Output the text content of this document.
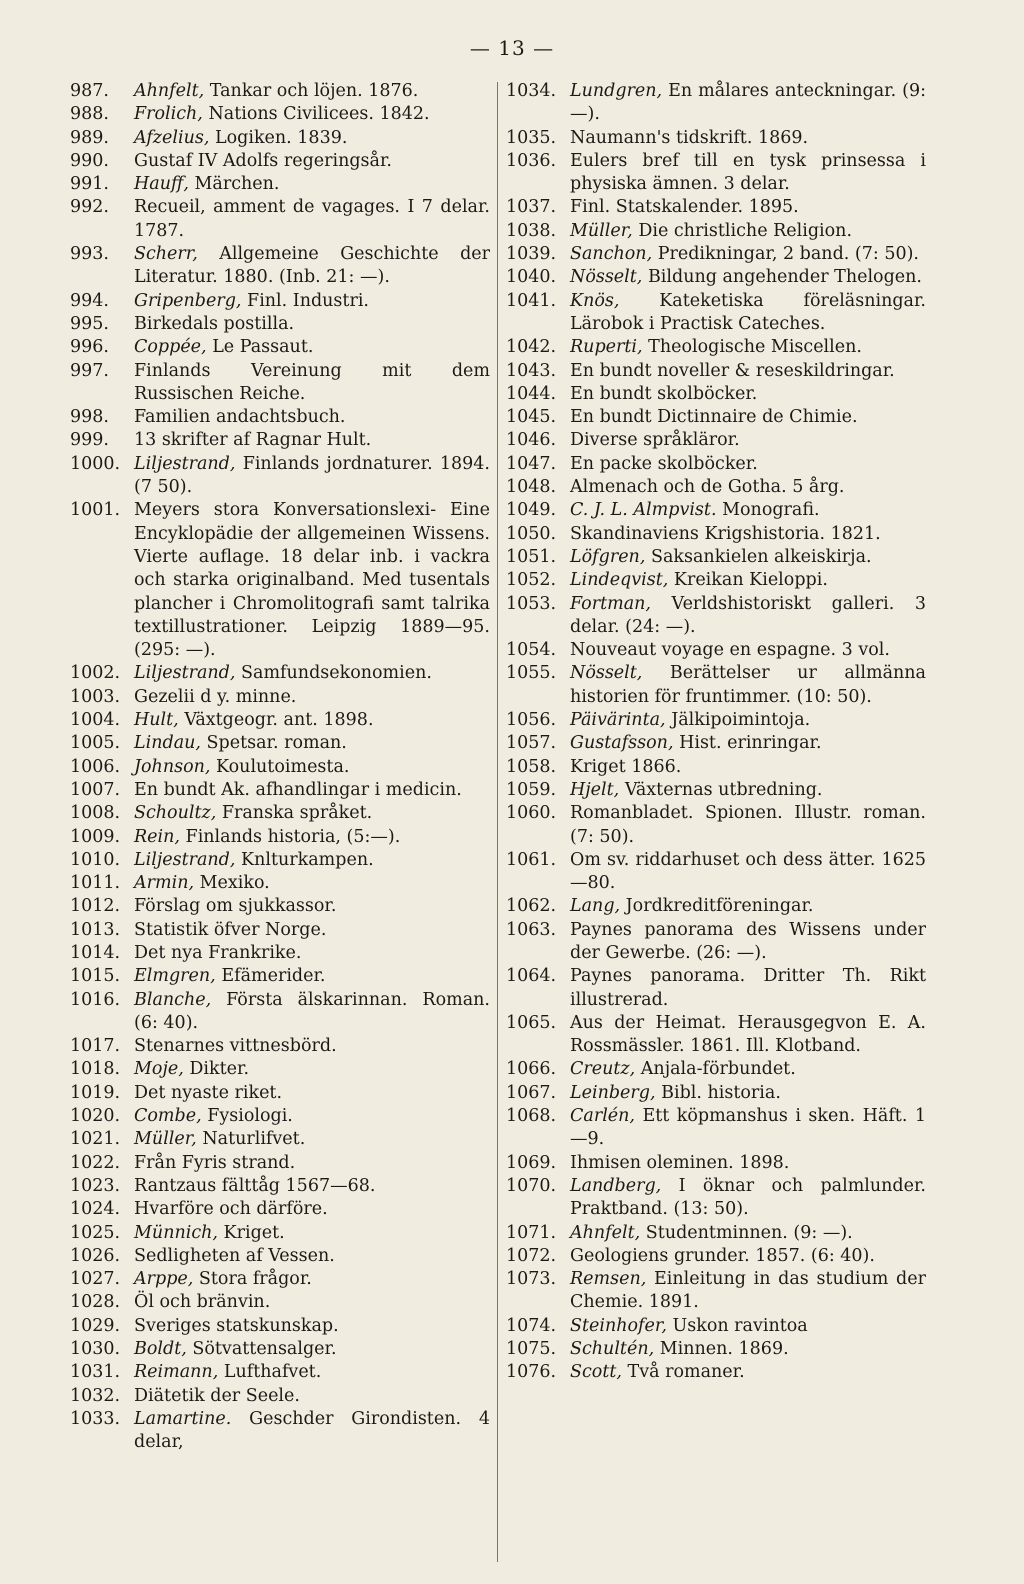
— 13 —
987.	Ahnfelt, Tankar och löjen. 1876.
988.	Frolich, Nations Civilicees. 1842.
989.	Afzelius, Logiken. 1839.
990.	Gustaf IV Adolfs regeringsår.
991.	Hauff, Märchen.
992.	Recueil, amment de vagages. I 7 delar. 1787.
993.	Scherr, Allgemeine Geschichte der Literatur. 1880. (Inb. 21: —).
994.	Gripenberg, Finl. Industri.
995.	Birkedals postilla.
996.	Coppée, Le Passaut.
997.	Finlands Vereinung mit dem Russischen Reiche.
998.	Familien andachtsbuch.
999.	13 skrifter af Ragnar Hult.
1000. Liljestrand, Finlands jordnaturer. 1894. (7 50).
1001. Meyers stora Konversationslexi- Eine Encyklopädie der allgemeinen Wissens. Vierte auflage. 18 delar inb. i vackra och starka originalband. Med tusentals plancher i Chromolitografi samt talrika textillustrationer. Leipzig 1889—95. (295: —).
1002. Liljestrand, Samfundsekonomien.
1003. Gezelii d y. minne.
1004. Hult, Växtgeogr. ant. 1898.
1005. Lindau, Spetsar. roman.
1006. Johnson, Koulutoimesta.
1007. En bundt Ak. afhandlingar i medicin.
1008. Schoultz, Franska språket.
1009. Rein, Finlands historia, (5:—).
1010. Liljestrand, Knlturkampen.
1011. Armin, Mexiko.
1012. Förslag om sjukkassor.
1013. Statistik öfver Norge.
1014. Det nya Frankrike.
1015. Elmgren, Efämerider.
1016. Blanche, Första älskarinnan. Roman. (6: 40).
1017. Stenarnes vittnesbörd.
1018. Moje, Dikter.
1019. Det nyaste riket.
1020. Combe, Fysiologi.
1021. Müller, Naturlifvet.
1022. Från Fyris strand.
1023. Rantzaus fälttåg 1567—68.
1024. Hvarföre och därföre.
1025. Münnich, Kriget.
1026. Sedligheten af Vessen.
1027. Arppe, Stora frågor.
1028. Öl och bränvin.
1029. Sveriges statskunskap.
1030. Boldt, Sötvattensalger.
1031. Reimann, Lufthafvet.
1032. Diätetik der Seele.
1033. Lamartine. Geschder Girondisten. 4 delar,
1034. Lundgren, En målares anteckningar. (9: —).
1035. Naumann's tidskrift. 1869.
1036. Eulers bref till en tysk prinsessa i physiska ämnen. 3 delar.
1037. Finl. Statskalender. 1895.
1038. Müller, Die christliche Religion.
1039. Sanchon, Predikningar, 2 band. (7: 50).
1040. Nösselt, Bildung angehender Thelogen.
1041. Knös, Kateketiska föreläsningar. Lärobok i Practisk Cateches.
1042. Ruperti, Theologische Miscellen.
1043. En bundt noveller & reseskildringar.
1044. En bundt skolböcker.
1045. En bundt Dictinnaire de Chimie.
1046. Diverse språkläror.
1047. En packe skolböcker.
1048. Almenach och de Gotha. 5 årg.
1049. C. J. L. Almpvist. Monografi.
1050. Skandinaviens Krigshistoria. 1821.
1051. Löfgren, Saksankielen alkeiskirja.
1052. Lindeqvist, Kreikan Kieloppi.
1053. Fortman, Verldshistoriskt galleri. 3 delar. (24: —).
1054. Nouveaut voyage en espagne. 3 vol.
1055. Nösselt, Berättelser ur allmänna historien för fruntimmer. (10: 50).
1056. Päivärinta, Jälkipoimintoja.
1057. Gustafsson, Hist. erinringar.
1058. Kriget 1866.
1059. Hjelt, Växternas utbredning.
1060. Romanbladet. Spionen. Illustr. roman. (7: 50).
1061. Om sv. riddarhuset och dess ätter. 1625—80.
1062. Lang, Jordkreditföreningar.
1063. Paynes panorama des Wissens under der Gewerbe. (26: —).
1064. Paynes panorama. Dritter Th. Rikt illustrerad.
1065. Aus der Heimat. Herausgegvon E. A. Rossmässler. 1861. Ill. Klotband.
1066. Creutz, Anjala-förbundet.
1067. Leinberg, Bibl. historia.
1068. Carlén, Ett köpmanshus i sken. Häft. 1—9.
1069. Ihmisen oleminen. 1898.
1070. Landberg, I öknar och palmlunder. Praktband. (13: 50).
1071. Ahnfelt, Studentminnen. (9: —).
1072. Geologiens grunder. 1857. (6: 40).
1073. Remsen, Einleitung in das studium der Chemie. 1891.
1074. Steinhofer, Uskon ravintoa
1075. Schultén, Minnen. 1869.
1076. Scott, Två romaner.
